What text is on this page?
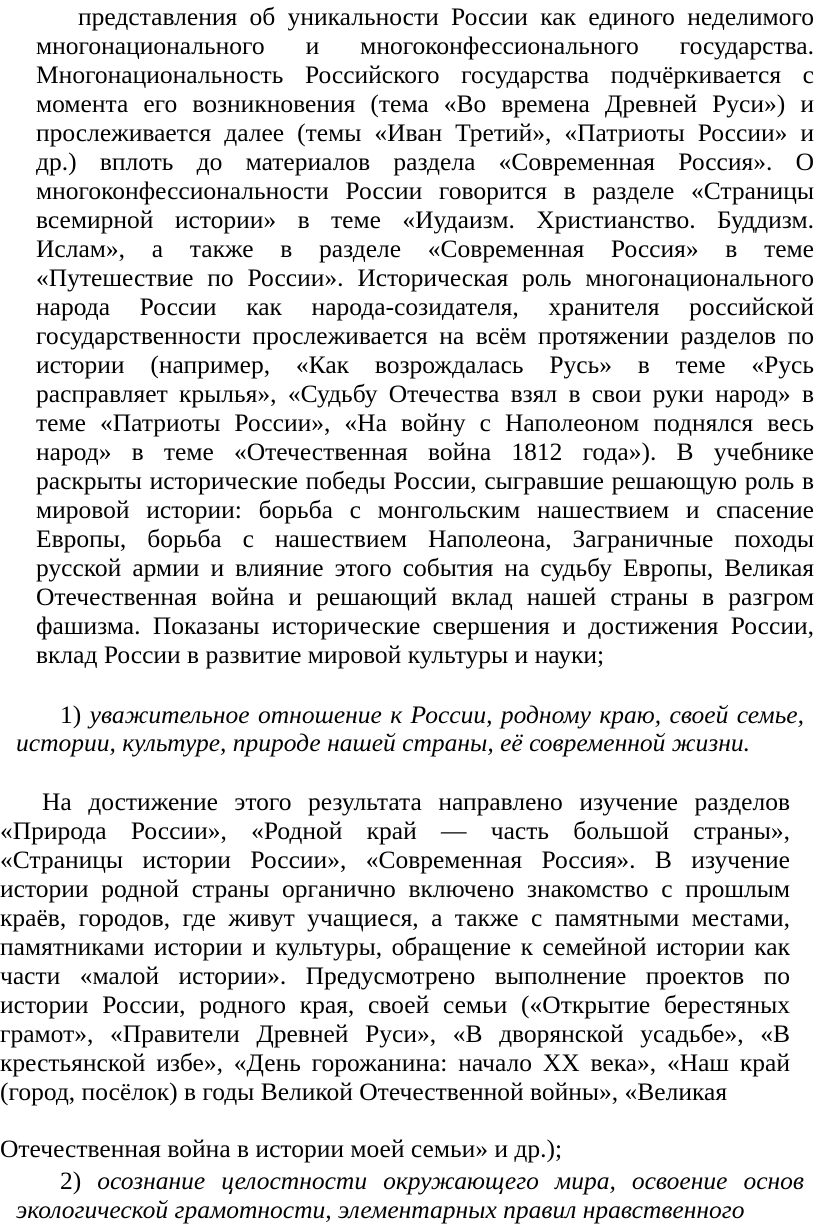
представления об уникальности России как единого неделимого многонационального и многоконфессионального государства. Многонациональность Российского государства подчёркивается с момента его возникновения (тема «Во времена Древней Руси») и прослеживается далее (темы «Иван Третий», «Патриоты России» и др.) вплоть до материалов раздела «Современная Россия». О многоконфессиональности России говорится в разделе «Страницы всемирной истории» в теме «Иудаизм. Христианство. Буддизм. Ислам», а также в разделе «Современная Россия» в теме «Путешествие по России». Историческая роль многонационального народа России как народа-созидателя, хранителя российской государственности прослеживается на всём протяжении разделов по истории (например, «Как возрождалась Русь» в теме «Русь расправляет крылья», «Судьбу Отечества взял в свои руки народ» в теме «Патриоты России», «На войну с Наполеоном поднялся весь народ» в теме «Отечественная война 1812 года»). В учебнике раскрыты исторические победы России, сыгравшие решающую роль в мировой истории: борьба с монгольским нашествием и спасение Европы, борьба с нашествием Наполеона, Заграничные походы русской армии и влияние этого события на судьбу Европы, Великая Отечественная война и решающий вклад нашей страны в разгром фашизма. Показаны исторические свершения и достижения России, вклад России в развитие мировой культуры и науки;

1) уважительное отношение к России, родному краю, своей семье, истории, культуре, природе нашей страны, её современной жизни.

На достижение этого результата направлено изучение разделов «Природа России», «Родной край — часть большой страны», «Страницы истории России», «Современная Россия». В изучение истории родной страны органично включено знакомство с прошлым краёв, городов, где живут учащиеся, а также с памятными местами, памятниками истории и культуры, обращение к семейной истории как части «малой истории». Предусмотрено выполнение проектов по истории России, родного края, своей семьи («Открытие берестяных грамот», «Правители Древней Руси», «В дворянской усадьбе», «В крестьянской избе», «День горожанина: начало XX века», «Наш край (город, посёлок) в годы Великой Отечественной войны», «Великая

Отечественная война в истории моей семьи» и др.);

2) осознание целостности окружающего мира, освоение основ экологической грамотности, элементарных правил нравственного
